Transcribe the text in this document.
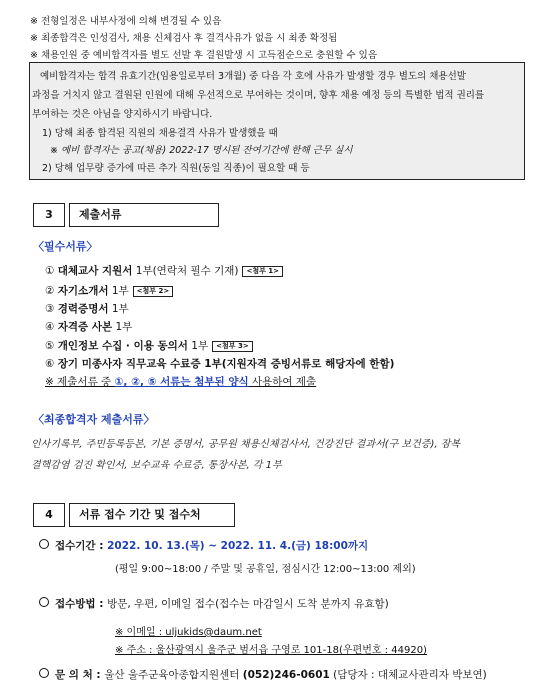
※ 전형일정은 내부사정에 의해 변경될 수 있음
※ 최종합격은 인성검사, 채용 신체검사 후 결격사유가 없을 시 최종 확정됨
※ 채용인원 중 예비합격자를 별도 선발 후 결원발생 시 고득점순으로 충원할 수 있음
예비합격자는 합격 유효기간(임용일로부터 3개월) 중 다음 각 호에 사유가 발생할 경우 별도의 채용선발
과정을 거치지 않고 결원된 인원에 대해 우선적으로 부여하는 것이며, 향후 채용 예정 등의 특별한 법적 권리를
부여하는 것은 아님을 양지하시기 바랍니다.
1) 당해 최종 합격된 직원의 채용결격 사유가 발생했을 때
※ 예비 합격자는 공고(채용) 2022-17 명시된 잔여기간에 한해 근무 실시
2) 당해 업무량 증가에 따른 추가 직원(동일 직종)이 필요할 때 등
3	제출서류
〈필수서류〉
① 대체교사 지원서 1부(연락처 필수 기재) <첨부 1>
② 자기소개서 1부 <첨부 2>
③ 경력증명서 1부
④ 자격증 사본 1부
⑤ 개인정보 수집 · 이용 동의서 1부 <첨부 3>
⑥ 장기 미종사자 직무교육 수료증 1부(지원자격 증빙서류로 해당자에 한함)
※ 제출서류 중 ①, ②, ⑤ 서류는 첨부된 양식 사용하여 제출
〈최종합격자 제출서류〉
인사기록부, 주민등록등본, 기본 증명서, 공무원 채용신체검사서, 건강진단 결과서(구 보건증), 잠복
결핵감염 검진 확인서, 보수교육 수료증, 통장사본, 각 1부
4	서류 접수 기간 및 접수처
접수기간 : 2022. 10. 13.(목) ~ 2022. 11. 4.(금) 18:00까지
(평일 9:00~18:00 / 주말 및 공휴일, 점심시간 12:00~13:00 제외)
접수방법 : 방문, 우편, 이메일 접수(접수는 마감일시 도착 분까지 유효함)
※ 이메일 : uljukids@daum.net
※ 주소 : 울산광역시 울주군 범서읍 구영로 101-18(우편번호 : 44920)
문 의 처 : 울산 울주군육아종합지원센터 (052)246-0601 (담당자 : 대체교사관리자 박보연)
